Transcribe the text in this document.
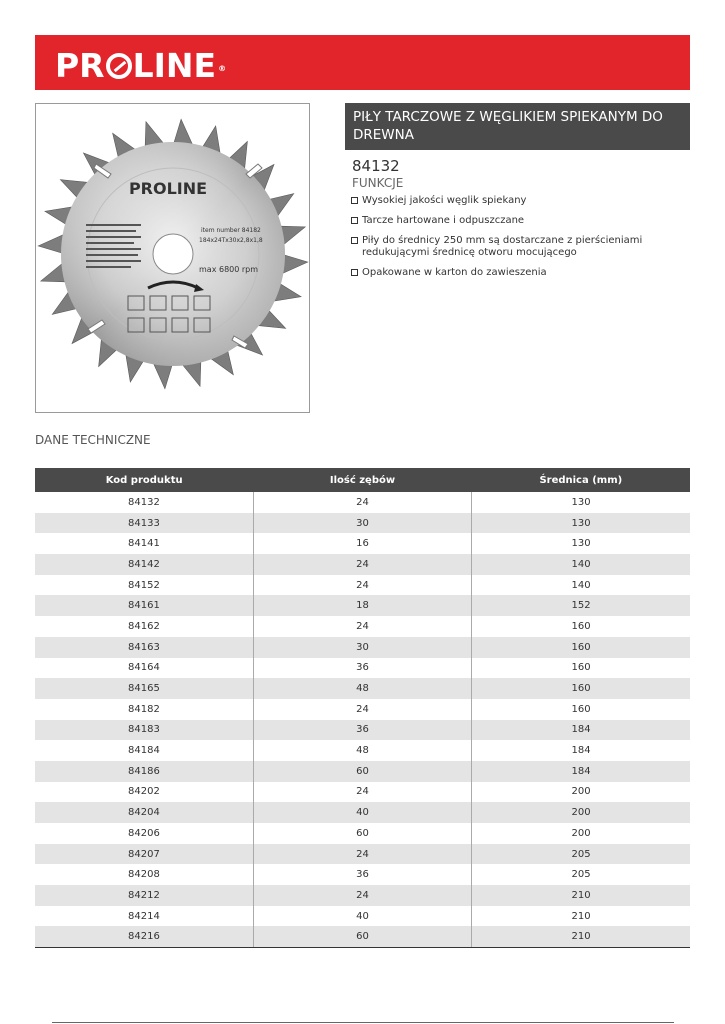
PR LINE ®
PROLINE
item number 84182
184x24Tx30x2,8x1,8
max 6800 rpm
PIŁY TARCZOWE Z WĘGLIKIEM SPIEKANYM DO DREWNA
84132
FUNKCJE
Wysokiej jakości węglik spiekany
Tarcze hartowane i odpuszczane
Piły do średnicy 250 mm są dostarczane z pierścieniami redukującymi średnicę otworu mocującego
Opakowane w karton do zawieszenia
DANE TECHNICZNE
Kod produktu	Ilość zębów	Średnica (mm)
84132	24	130
84133	30	130
84141	16	130
84142	24	140
84152	24	140
84161	18	152
84162	24	160
84163	30	160
84164	36	160
84165	48	160
84182	24	160
84183	36	184
84184	48	184
84186	60	184
84202	24	200
84204	40	200
84206	60	200
84207	24	205
84208	36	205
84212	24	210
84214	40	210
84216	60	210
